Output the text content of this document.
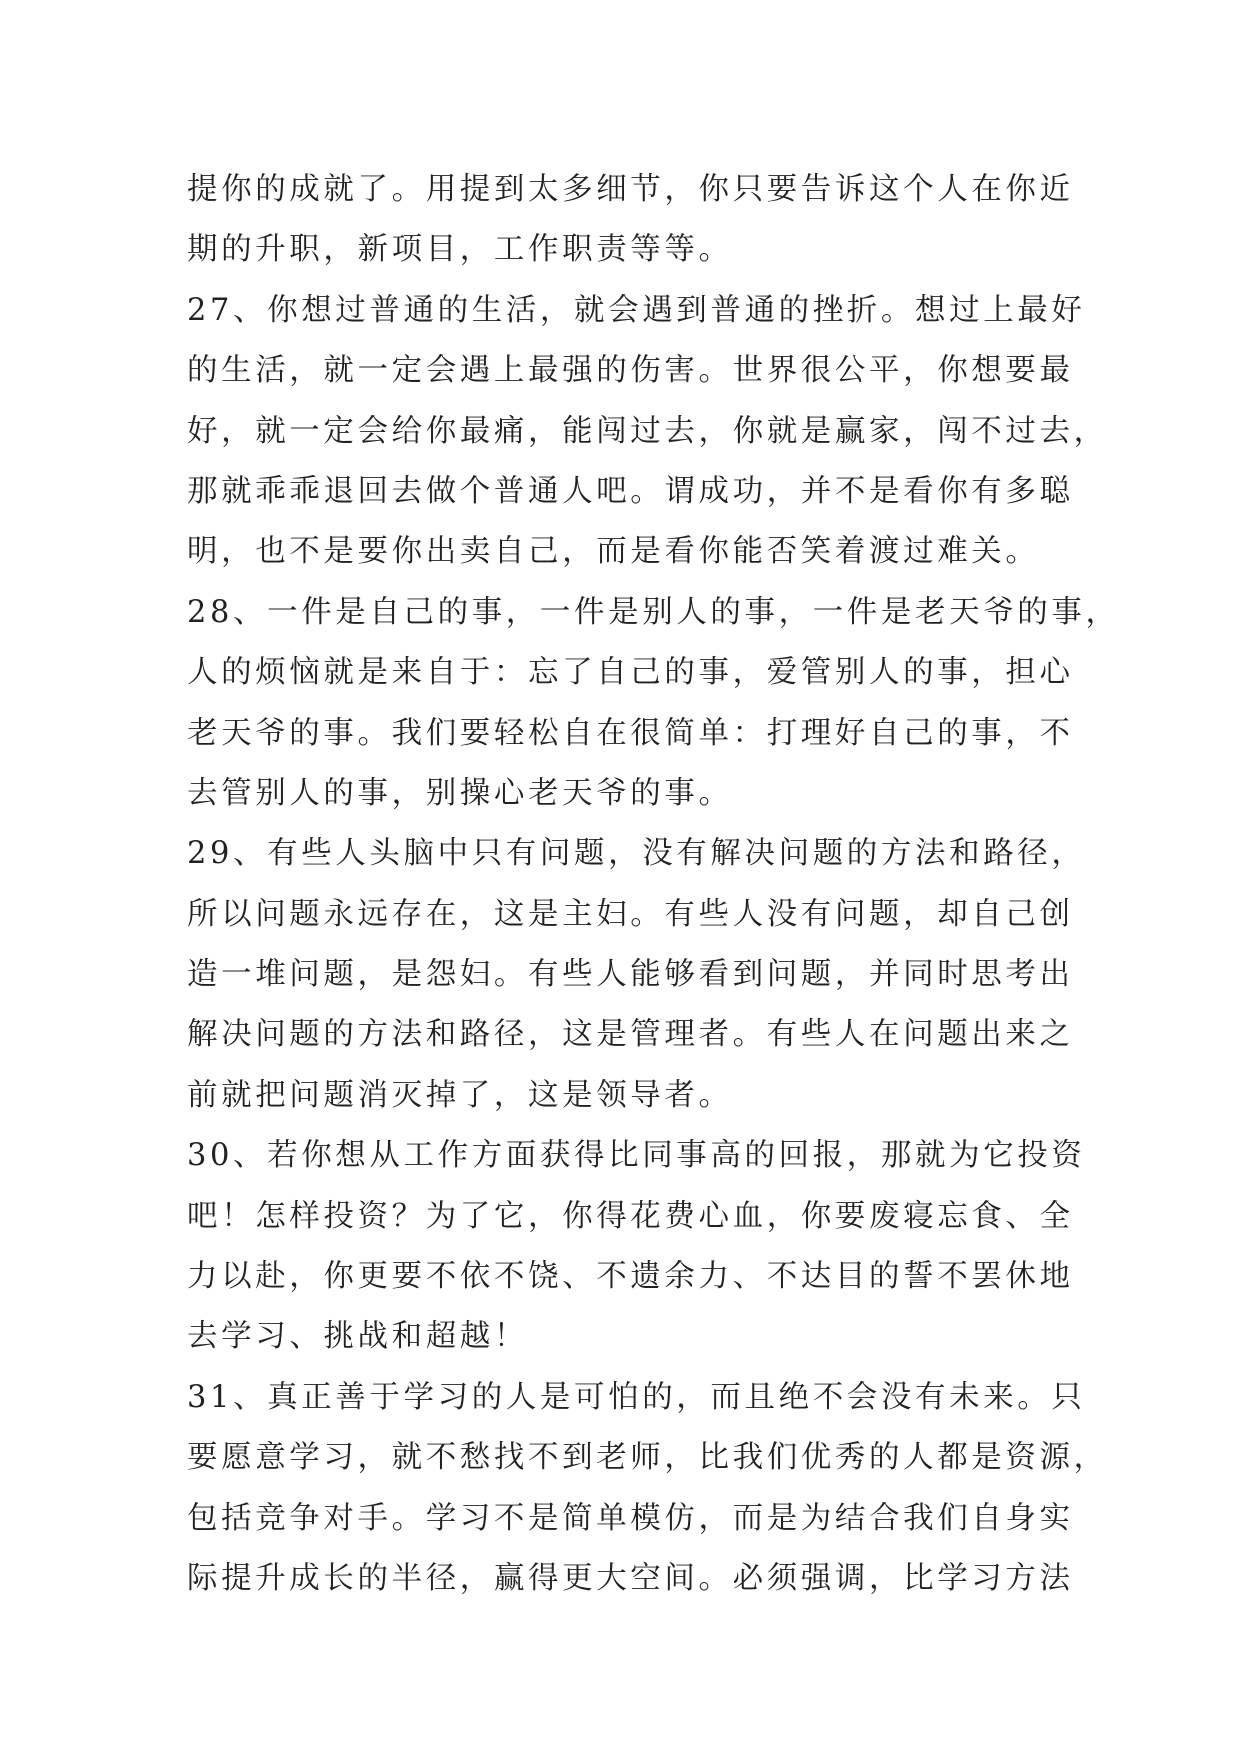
提你的成就了。用提到太多细节，你只要告诉这个人在你近
期的升职，新项目，工作职责等等。
27、你想过普通的生活，就会遇到普通的挫折。想过上最好
的生活，就一定会遇上最强的伤害。世界很公平，你想要最
好，就一定会给你最痛，能闯过去，你就是赢家，闯不过去，
那就乖乖退回去做个普通人吧。谓成功，并不是看你有多聪
明，也不是要你出卖自己，而是看你能否笑着渡过难关。
28、一件是自己的事，一件是别人的事，一件是老天爷的事，
人的烦恼就是来自于：忘了自己的事，爱管别人的事，担心
老天爷的事。我们要轻松自在很简单：打理好自己的事，不
去管别人的事，别操心老天爷的事。
29、有些人头脑中只有问题，没有解决问题的方法和路径，
所以问题永远存在，这是主妇。有些人没有问题，却自己创
造一堆问题，是怨妇。有些人能够看到问题，并同时思考出
解决问题的方法和路径，这是管理者。有些人在问题出来之
前就把问题消灭掉了，这是领导者。
30、若你想从工作方面获得比同事高的回报，那就为它投资
吧！怎样投资？为了它，你得花费心血，你要废寝忘食、全
力以赴，你更要不依不饶、不遗余力、不达目的誓不罢休地
去学习、挑战和超越！
31、真正善于学习的人是可怕的，而且绝不会没有未来。只
要愿意学习，就不愁找不到老师，比我们优秀的人都是资源，
包括竞争对手。学习不是简单模仿，而是为结合我们自身实
际提升成长的半径，赢得更大空间。必须强调，比学习方法
